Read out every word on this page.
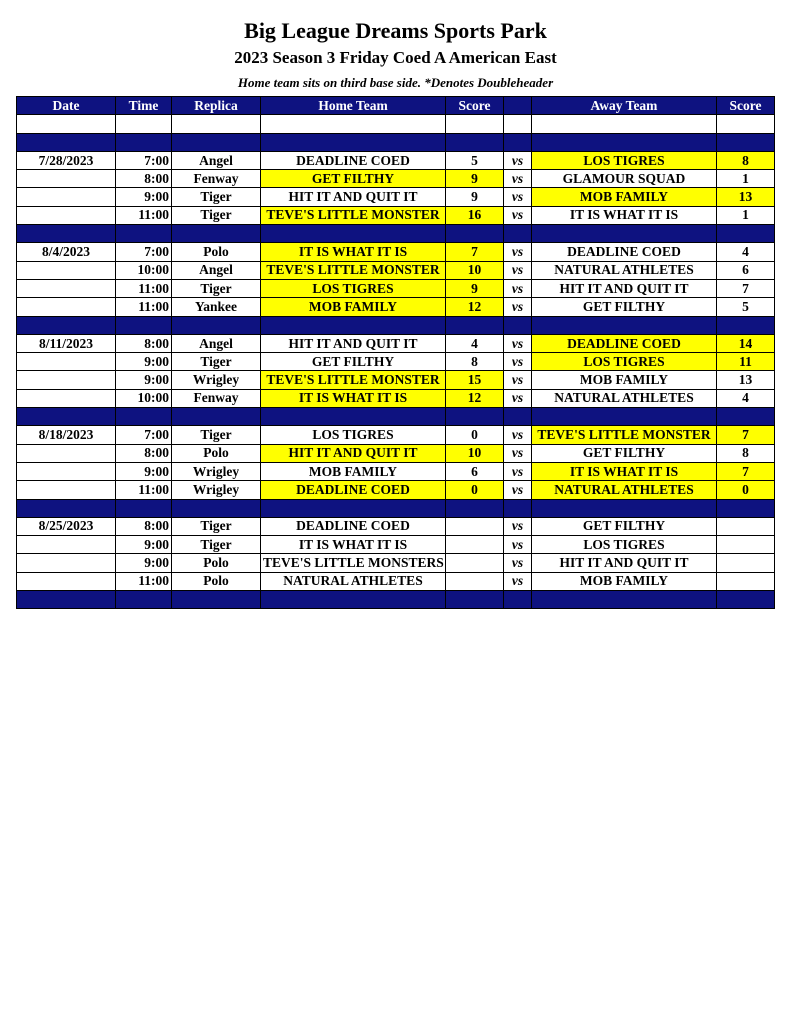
Big League Dreams Sports Park
2023 Season 3 Friday Coed A American East
Home team sits on third base side. *Denotes Doubleheader
Date	Time	Replica	Home Team	Score		Away Team	Score

7/28/2023	7:00	Angel	DEADLINE COED	5	vs	LOS TIGRES	8
	8:00	Fenway	GET FILTHY	9	vs	GLAMOUR SQUAD	1
	9:00	Tiger	HIT IT AND QUIT IT	9	vs	MOB FAMILY	13
	11:00	Tiger	TEVE'S LITTLE MONSTER	16	vs	IT IS WHAT IT IS	1

8/4/2023	7:00	Polo	IT IS WHAT IT IS	7	vs	DEADLINE COED	4
	10:00	Angel	TEVE'S LITTLE MONSTER	10	vs	NATURAL ATHLETES	6
	11:00	Tiger	LOS TIGRES	9	vs	HIT IT AND QUIT IT	7
	11:00	Yankee	MOB FAMILY	12	vs	GET FILTHY	5

8/11/2023	8:00	Angel	HIT IT AND QUIT IT	4	vs	DEADLINE COED	14
	9:00	Tiger	GET FILTHY	8	vs	LOS TIGRES	11
	9:00	Wrigley	TEVE'S LITTLE MONSTER	15	vs	MOB FAMILY	13
	10:00	Fenway	IT IS WHAT IT IS	12	vs	NATURAL ATHLETES	4

8/18/2023	7:00	Tiger	LOS TIGRES	0	vs	TEVE'S LITTLE MONSTER	7
	8:00	Polo	HIT IT AND QUIT IT	10	vs	GET FILTHY	8
	9:00	Wrigley	MOB FAMILY	6	vs	IT IS WHAT IT IS	7
	11:00	Wrigley	DEADLINE COED	0	vs	NATURAL ATHLETES	0

8/25/2023	8:00	Tiger	DEADLINE COED		vs	GET FILTHY	
	9:00	Tiger	IT IS WHAT IT IS		vs	LOS TIGRES	
	9:00	Polo	TEVE'S LITTLE MONSTERS		vs	HIT IT AND QUIT IT	
	11:00	Polo	NATURAL ATHLETES		vs	MOB FAMILY	
